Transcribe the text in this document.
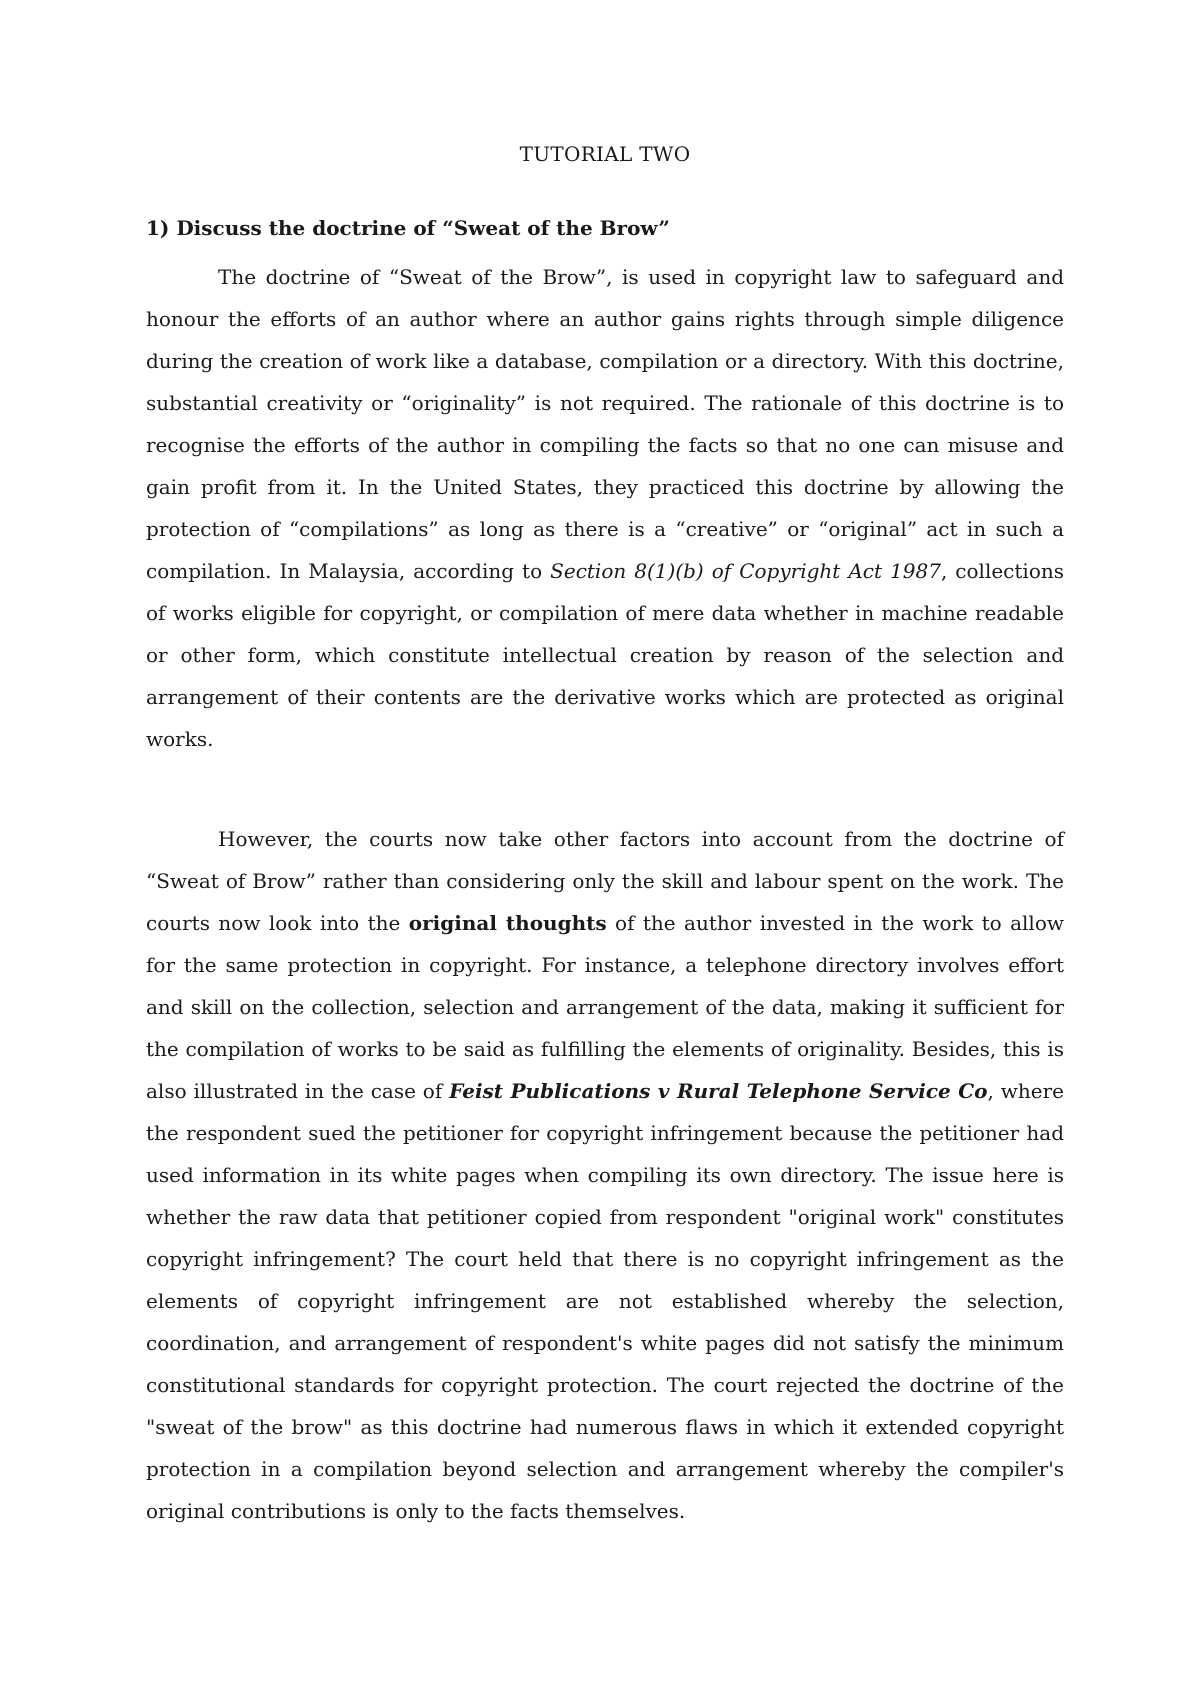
TUTORIAL TWO
1) Discuss the doctrine of “Sweat of the Brow”

The doctrine of “Sweat of the Brow”, is used in copyright law to safeguard and honour the efforts of an author where an author gains rights through simple diligence during the creation of work like a database, compilation or a directory. With this doctrine, substantial creativity or “originality” is not required. The rationale of this doctrine is to recognise the efforts of the author in compiling the facts so that no one can misuse and gain profit from it. In the United States, they practiced this doctrine by allowing the protection of “compilations” as long as there is a “creative” or “original” act in such a compilation. In Malaysia, according to Section 8(1)(b) of Copyright Act 1987, collections of works eligible for copyright, or compilation of mere data whether in machine readable or other form, which constitute intellectual creation by reason of the selection and arrangement of their contents are the derivative works which are protected as original works.

However, the courts now take other factors into account from the doctrine of “Sweat of Brow” rather than considering only the skill and labour spent on the work. The courts now look into the original thoughts of the author invested in the work to allow for the same protection in copyright. For instance, a telephone directory involves effort and skill on the collection, selection and arrangement of the data, making it sufficient for the compilation of works to be said as fulfilling the elements of originality. Besides, this is also illustrated in the case of Feist Publications v Rural Telephone Service Co, where the respondent sued the petitioner for copyright infringement because the petitioner had used information in its white pages when compiling its own directory. The issue here is whether the raw data that petitioner copied from respondent "original work" constitutes copyright infringement? The court held that there is no copyright infringement as the elements of copyright infringement are not established whereby the selection, coordination, and arrangement of respondent's white pages did not satisfy the minimum constitutional standards for copyright protection. The court rejected the doctrine of the "sweat of the brow" as this doctrine had numerous flaws in which it extended copyright protection in a compilation beyond selection and arrangement whereby the compiler's original contributions is only to the facts themselves.
